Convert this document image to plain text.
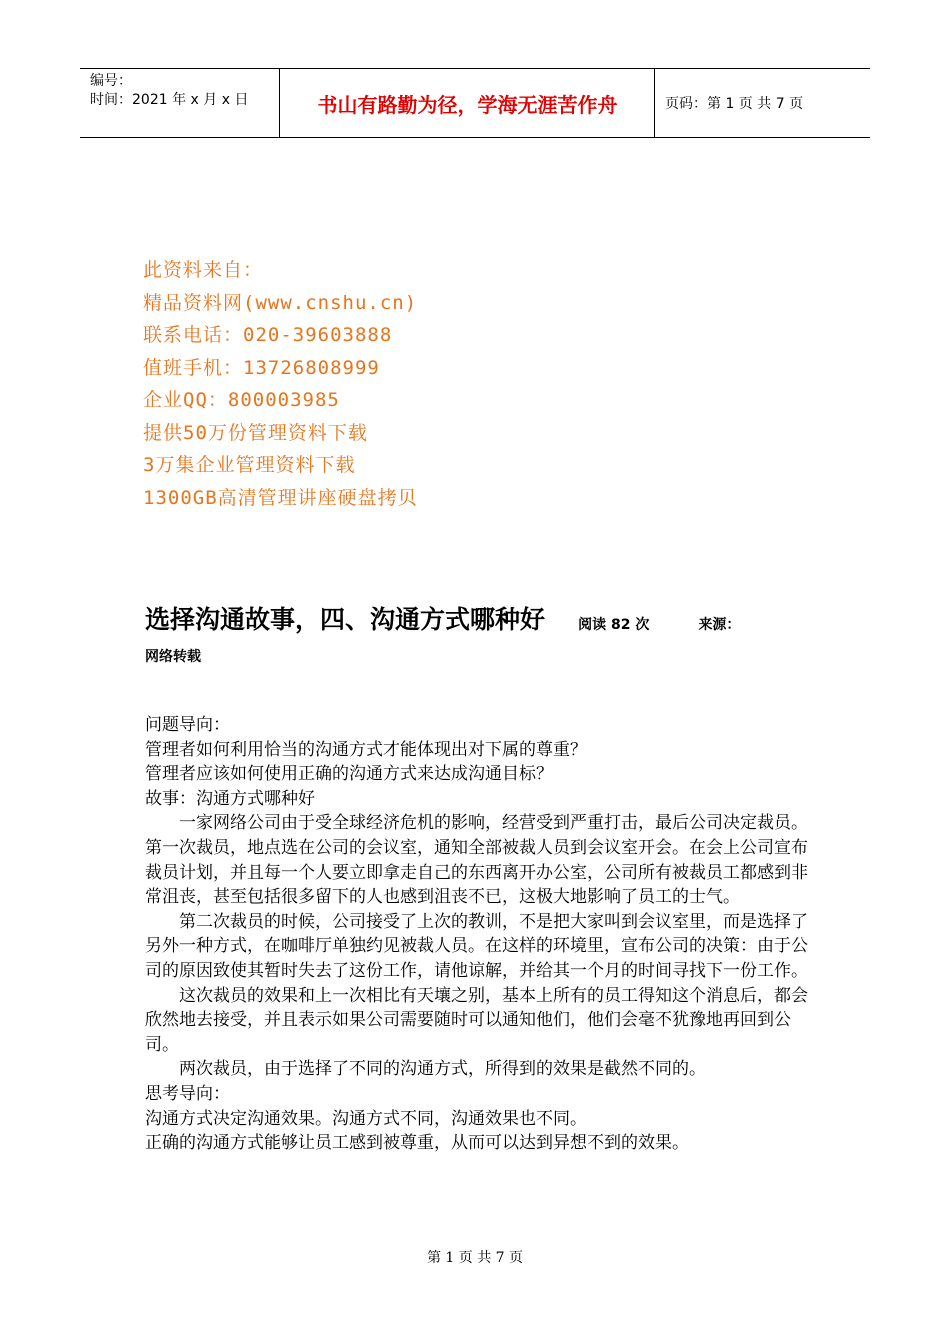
编号：
时间：2021 年 x 月 x 日	书山有路勤为径，学海无涯苦作舟	页码：第 1 页 共 7 页
此资料来自：
精品资料网(www.cnshu.cn)
联系电话：020-39603888
值班手机：13726808999
企业QQ：800003985
提供50万份管理资料下载
3万集企业管理资料下载
1300GB高清管理讲座硬盘拷贝
选择沟通故事，四、沟通方式哪种好 阅读 82 次	来源：
网络转载

问题导向：

管理者如何利用恰当的沟通方式才能体现出对下属的尊重？

管理者应该如何使用正确的沟通方式来达成沟通目标？

故事：沟通方式哪种好

一家网络公司由于受全球经济危机的影响，经营受到严重打击，最后公司决定裁员。第一次裁员，地点选在公司的会议室，通知全部被裁人员到会议室开会。在会上公司宣布裁员计划，并且每一个人要立即拿走自己的东西离开办公室，公司所有被裁员工都感到非常沮丧，甚至包括很多留下的人也感到沮丧不已，这极大地影响了员工的士气。

第二次裁员的时候，公司接受了上次的教训，不是把大家叫到会议室里，而是选择了另外一种方式，在咖啡厅单独约见被裁人员。在这样的环境里，宣布公司的决策：由于公司的原因致使其暂时失去了这份工作，请他谅解，并给其一个月的时间寻找下一份工作。

这次裁员的效果和上一次相比有天壤之别，基本上所有的员工得知这个消息后，都会欣然地去接受，并且表示如果公司需要随时可以通知他们，他们会毫不犹豫地再回到公司。

两次裁员，由于选择了不同的沟通方式，所得到的效果是截然不同的。

思考导向：

沟通方式决定沟通效果。沟通方式不同，沟通效果也不同。

正确的沟通方式能够让员工感到被尊重，从而可以达到异想不到的效果。

第 1 页 共 7 页
